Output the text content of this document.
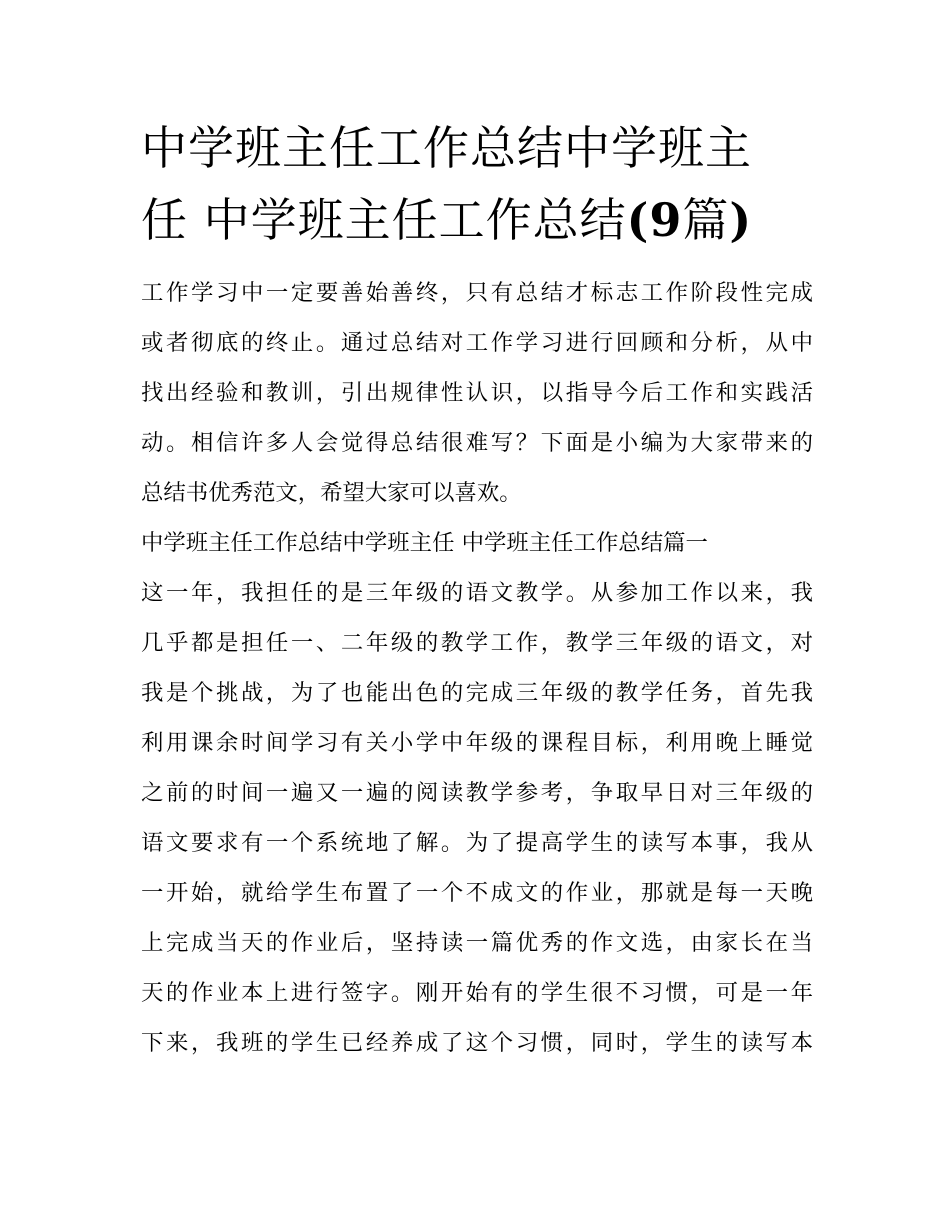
中学班主任工作总结中学班主
任 中学班主任工作总结(9篇)

工作学习中一定要善始善终，只有总结才标志工作阶段性完成
或者彻底的终止。通过总结对工作学习进行回顾和分析，从中
找出经验和教训，引出规律性认识，以指导今后工作和实践活
动。相信许多人会觉得总结很难写？下面是小编为大家带来的
总结书优秀范文，希望大家可以喜欢。

中学班主任工作总结中学班主任 中学班主任工作总结篇一

这一年，我担任的是三年级的语文教学。从参加工作以来，我
几乎都是担任一、二年级的教学工作，教学三年级的语文，对
我是个挑战，为了也能出色的完成三年级的教学任务，首先我
利用课余时间学习有关小学中年级的课程目标，利用晚上睡觉
之前的时间一遍又一遍的阅读教学参考，争取早日对三年级的
语文要求有一个系统地了解。为了提高学生的读写本事，我从
一开始，就给学生布置了一个不成文的作业，那就是每一天晚
上完成当天的作业后，坚持读一篇优秀的作文选，由家长在当
天的作业本上进行签字。刚开始有的学生很不习惯，可是一年
下来，我班的学生已经养成了这个习惯，同时，学生的读写本
